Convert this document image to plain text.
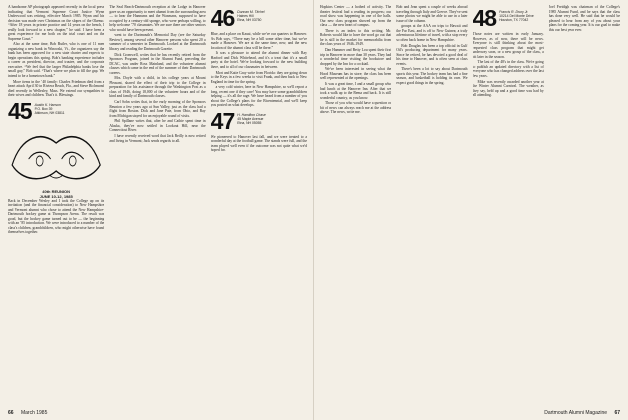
A handsome AP photograph appeared recently in the local press indicating that Vermont Supreme Court Justice Wynn Underwood was retiring, effective March 1985. Wynn and his decision was made over Christmas on the slopes of the Okemo. “After 18 years in private practice and 14 years on the bench, I really look forward to a new chapter,” he said. I have been a great experience for me both on the trial court and on the Supreme Court.”

Also at the same time, Bob Butler, who is one of 11 men organizing a new bank in Winooski, Vt., the organizers say the bank has been approved for a new state charter and expects to begin operations this spring. Bob's banking experience includes a career as president, director, and trustee, and the corporate executive. “We feel that the larger Philadelphia banks lose the small guy,” Bob said. “That's where we plan to fill the gap. We intend to be a hometown bank.”

More items in the ’40 family: Charles Friedman died from a heart attack April 30 in Riviera Beach, Fla., and Steve Richmond died recently in Wellesley, Mass. We extend our sympathies to their wives and children. That's it. Blessings.

45 Austin K. Hanson
P.O. Box 39
Atkinson, NH 03811
40th REUNION
JUNE 10-12, 1985

Back in December Wesley and I took the College up on its invitation (and the financial consideration) to New Hampshire and Vermont alumni who chose to attend the New Hampshire-Dartmouth hockey game at Thompson Arena. The result was good, but the hockey game turned out to be — the beginning with an ’85 introduction. We were introduced to a number of the class's children, grandchildren, who might otherwise have found themselves together.

The Seal Beach-Dartmouth reception at the Lodge in Hanover gave us an opportunity to meet alumni from the surrounding area — to hear the Hannums and the Waxmans, supposed to have occupied by a century-old sponge, who were perhaps willing, to help welcome ’70 classmates. We are sure there are other seniors who would have been present.

went to the Dartmouth's Memorial Day (see the Saturday Review), among several other Hanover persons who spent 20 a summer of a semester in Dartmouth. Looked at the Dartmouth library and reading the Dartmouth Gazette.

Dick Cromwell, writes that he has recently retired from the Sponsors Program, joined in the Alumni Fund, preceding the DCAC, was under Ross Mainland, and the volunteer alumni classes which came in the end of the summer of their Dartmouth careers.

Mrs. Doyle with a child, in his college years at Mount Pleasant, shared the effect of their trip to the College in preparation for his assistance through the Washington Post as a class of 1946, doing 18,000 of the volunteer hours and of the kind and family of Dartmouth classes.

Carl Sohn writes that, in the early morning of the Sponsors Reunion a few years ago at Sun Valley, just as the class had a flight from Boston. Dick and Jane Pate, from Ohio, and Ray from Michigan stayed for an enjoyable round of visits.

Phil Spillane writes that, after he and Cathie spent time in Alaska, they've now settled in Lookout Hill, near the Connecticut River.

I have recently received word that Jack Reilly is now retired and living in Vermont; Jack sends regards to all.

46 Duncan M. Titchel
Haines Hill
Etna, NH 03750

Blue, and a place on Kauai, while we've our quarters to Hanover. As Bob says, “There may be a bill some other time, but we've made a Hanover. We are at the same time, new, and the new location of the alumni class will be there.”

It was a pleasure to attend the alumni dinner with Ray Harford and Dick Whitehead, and it's a treat that it's a small party at the hotel. We're looking forward to the new building there, and to all of our classmates in between.

Mort and Katie Gray write from Florida: they are going down to the Keys in a few weeks to visit Frank, and then back to New England in time for the spring.

a very cold winter, here in New Hampshire, so we'll report a long, recent one if they care! You may have some grandchildren helping — it's all the rage. We have heard from a number of you about the College's plans for the Bicentennial, and we'll keep you posted on what develops.

47 H. Hamilton Chase
45 Maple Avenue
Etna, NH 05055

We pioneered to Hanover last fall, and we were treated to a wonderful day at the football game. The stands were full, and the team played well even if the outcome was not quite what we'd hoped for.

66 March 1985

Hopkins Center — a hotbed of activity. The theater festival had a reading in progress; our road show was happening in one of the halls. Our new class program showed up from the class — the new heart of campus.

There is an index to this writing. Mr. Roberts would like to have the word go out that he is still in the market for memorabilia from the class years of 1946–1949.

Dan Hammer and Betty Lou spent their first trip in Hanover in more than 30 years. They had a wonderful time visiting the bookstore and dropped by the Inn for a cocktail.

We've been interested in seeing what the Hood Museum has in store; the class has been well represented at the openings.

It was a great time, I and a small group who had lunch at the Hanover Inn. After that we took a walk up to the Bema and back. It is still wonderful country, as you know.

Those of you who would have a question or bit of news can always reach me at the address above. The news, write me.

Bob and Jean spent a couple of weeks abroad traveling through Italy and Greece. They've sent some photos we might be able to use in a later issue of the column.

groups at the AAA on trips to Hawaii and the Far East, and is off to New Guinea; a truly adventurous lifetime of travel, with a stop every so often back home in New Hampshire.

Bob Douglas has been a top official in Gulf Oil's producing department for many years. Since he retired, he has devoted a good deal of his time to Hanover, and is often seen at class events.

There's been a lot to say about Dartmouth sports this year. The hockey team has had a fine season, and basketball is holding its own. We expect good things in the spring.

48 Francis R. Drury Jr.
10214 Del Monte Drive
Houston, TX 77042

Those notes are written in early January. However, as of now, there will be news. Everyone is still thinking about the most-requested class program that might get underway soon, or a new group of the class, a bit later in the season.

The last of the 48's in the class. We're going to publish an updated directory with a list of everyone who has changed address over the last few years.

Mike was recently awarded another year at the Winter Alumni Carnival. The weather, as they say, held up and a good time was had by all attending.

Joel Freidigh was chairman of the College's 1985 Alumni Fund, and he says that the class has done very well. He said that he would be pleased to hear from any of you about your plans for the coming year. It is our goal to make this our best year ever.

Dartmouth Alumni Magazine 67
